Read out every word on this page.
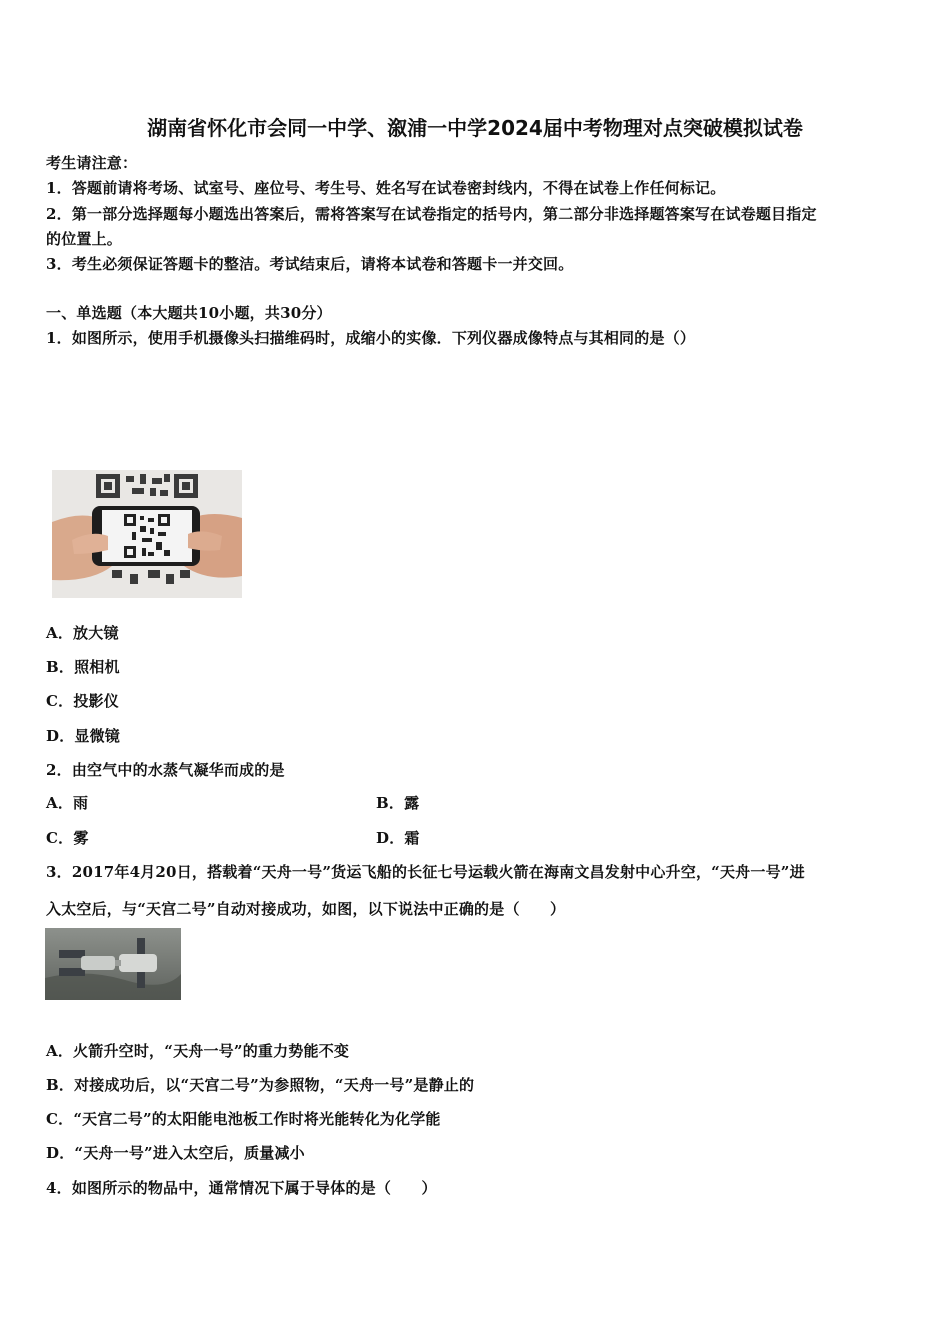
湖南省怀化市会同一中学、溆浦一中学2024届中考物理对点突破模拟试卷
考生请注意：
1．答题前请将考场、试室号、座位号、考生号、姓名写在试卷密封线内，不得在试卷上作任何标记。
2．第一部分选择题每小题选出答案后，需将答案写在试卷指定的括号内，第二部分非选择题答案写在试卷题目指定
的位置上。
3．考生必须保证答题卡的整洁。考试结束后，请将本试卷和答题卡一并交回。
一、单选题（本大题共10小题，共30分）
1．如图所示，使用手机摄像头扫描维码时，成缩小的实像．下列仪器成像特点与其相同的是（）
A．放大镜
B．照相机
C．投影仪
D．显微镜
2．由空气中的水蒸气凝华而成的是
A．雨	B．露
C．雾	D．霜
3．2017年4月20日，搭载着“天舟一号”货运飞船的长征七号运载火箭在海南文昌发射中心升空，“天舟一号”进
入太空后，与“天宫二号”自动对接成功，如图，以下说法中正确的是（　　）
A．火箭升空时，“天舟一号”的重力势能不变
B．对接成功后，以“天宫二号”为参照物，“天舟一号”是静止的
C．“天宫二号”的太阳能电池板工作时将光能转化为化学能
D．“天舟一号”进入太空后，质量减小
4．如图所示的物品中，通常情况下属于导体的是（　　）
